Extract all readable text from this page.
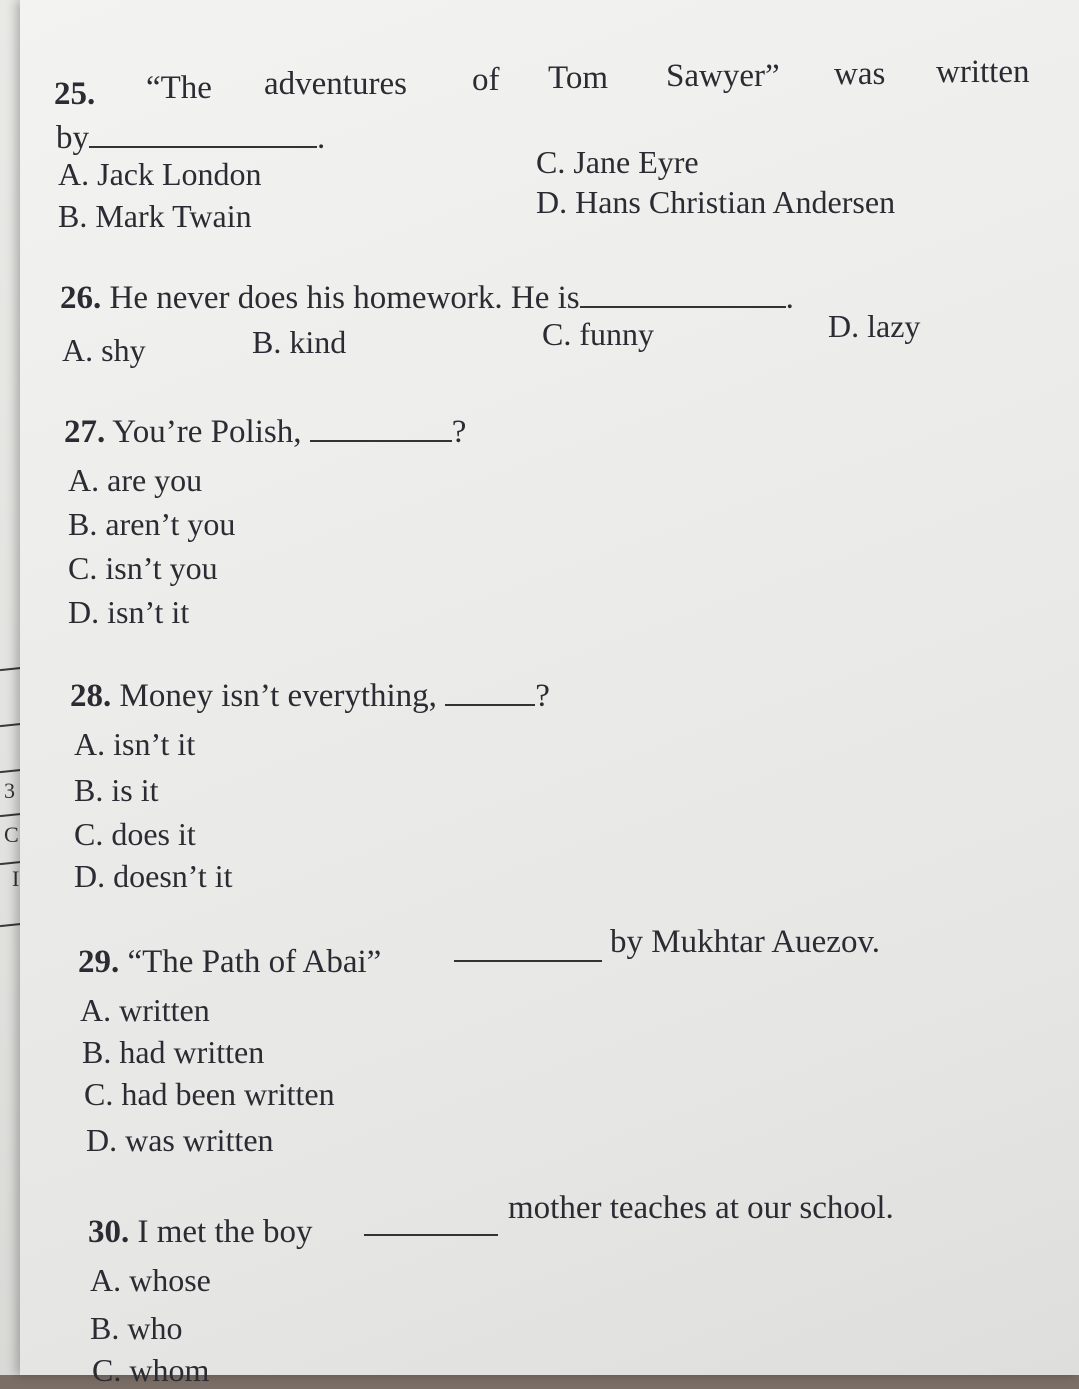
3
C
I
25. “The adventures of Tom Sawyer” was written
by	.
A. Jack London
B. Mark Twain
C. Jane Eyre
D. Hans Christian Andersen
26. He never does his homework. He is	.
A. shy	B. kind	C. funny	D. lazy
27. You’re Polish,	?
A. are you
B. aren’t you
C. isn’t you
D. isn’t it
28. Money isn’t everything,	?
A. isn’t it
B. is it
C. does it
D. doesn’t it
29. “The Path of Abai”
by Mukhtar Auezov.
A. written
B. had written
C. had been written
D. was written
30. I met the boy
mother teaches at our school.
A. whose
B. who
C. whom
